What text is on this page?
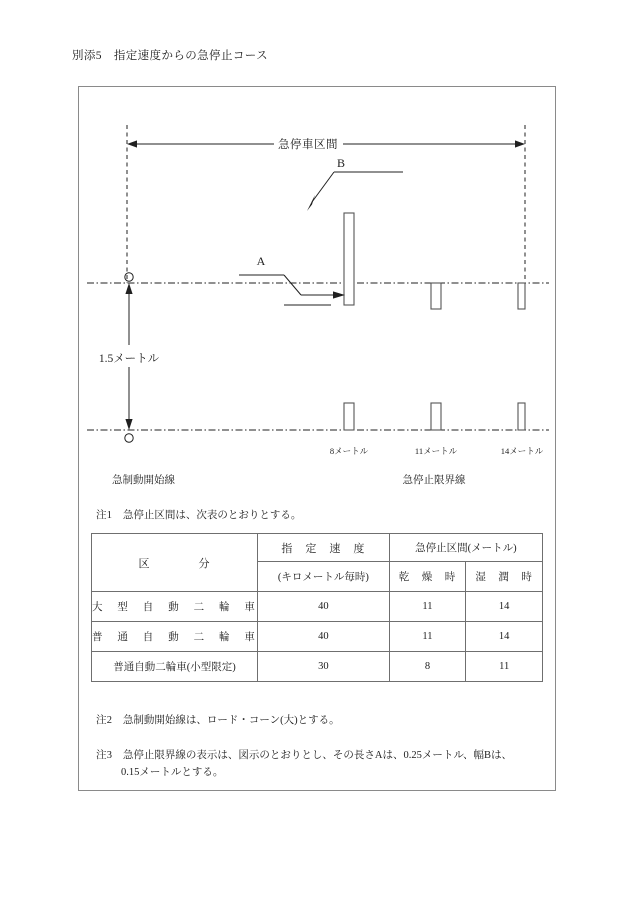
別添5　指定速度からの急停止コース
急停車区間
B
A
1.5メートル
8メートル	11メートル	14メートル
急制動開始線	急停止限界線
注1　 急停止区間は、次表のとおりとする。
区　　　　分	指　定　速　度	急停止区間(メートル)	
	(キロメートル毎時)	乾　燥　時	湿　潤　時
大　型　自　動　二　輪　車	40	11	14
普　通　自　動　二　輪　車	40	11	14
普通自動二輪車(小型限定)	30	8	11
注2　 急制動開始線は、ロード・コーン(大)とする。
注3　 急停止限界線の表示は、図示のとおりとし、その長さAは、0.25メートル、幅Bは、
0.15メートルとする。
